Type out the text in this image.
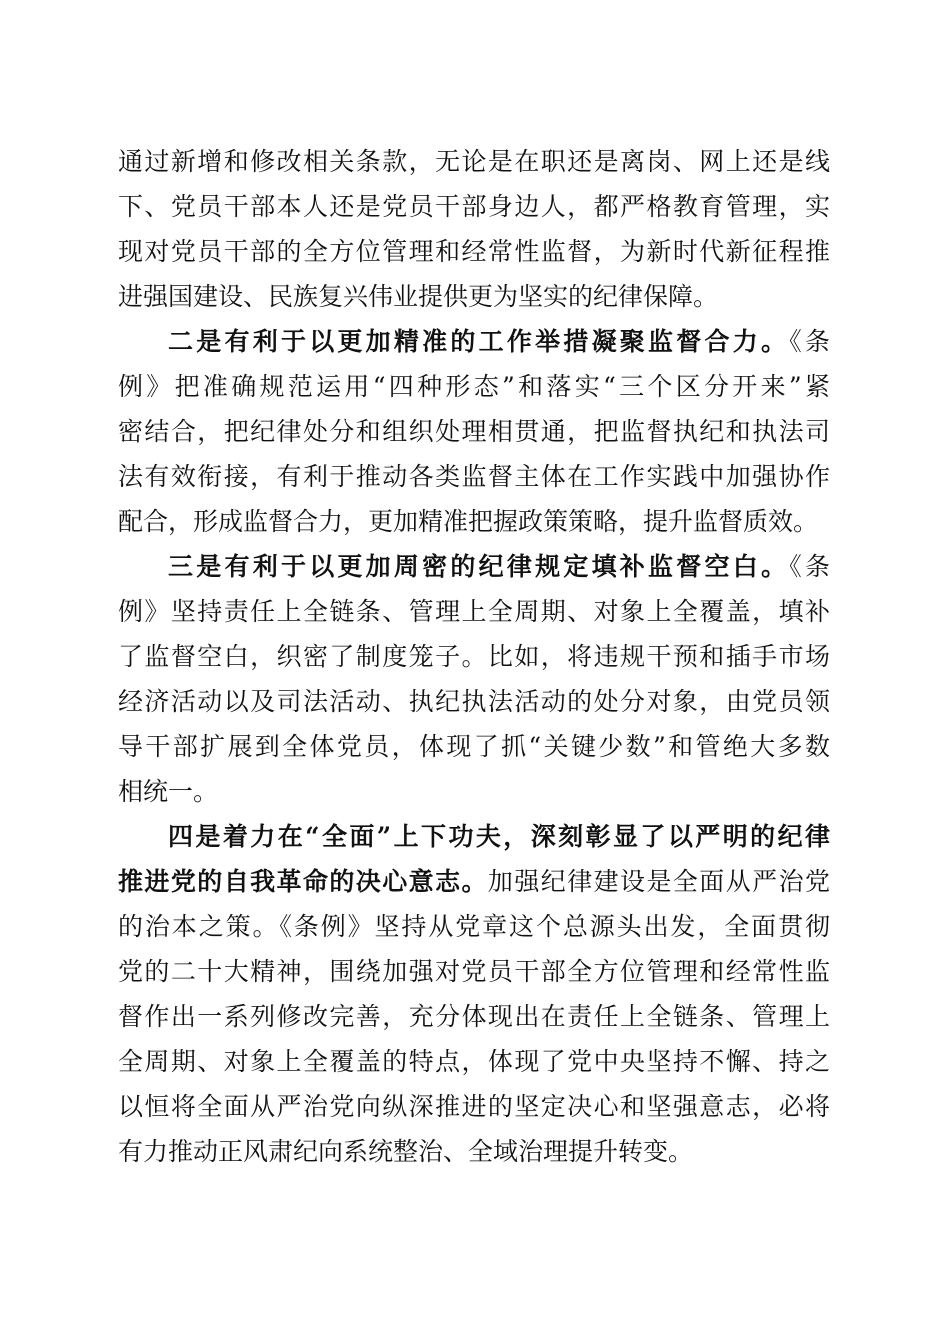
通过新增和修改相关条款，无论是在职还是离岗、网上还是线
下、党员干部本人还是党员干部身边人，都严格教育管理，实
现对党员干部的全方位管理和经常性监督，为新时代新征程推
进强国建设、民族复兴伟业提供更为坚实的纪律保障。
二是有利于以更加精准的工作举措凝聚监督合力。《条
例》把准确规范运用“四种形态”和落实“三个区分开来”紧
密结合，把纪律处分和组织处理相贯通，把监督执纪和执法司
法有效衔接，有利于推动各类监督主体在工作实践中加强协作
配合，形成监督合力，更加精准把握政策策略，提升监督质效。
三是有利于以更加周密的纪律规定填补监督空白。《条
例》坚持责任上全链条、管理上全周期、对象上全覆盖，填补
了监督空白，织密了制度笼子。比如，将违规干预和插手市场
经济活动以及司法活动、执纪执法活动的处分对象，由党员领
导干部扩展到全体党员，体现了抓“关键少数”和管绝大多数
相统一。
四是着力在“全面”上下功夫，深刻彰显了以严明的纪律
推进党的自我革命的决心意志。加强纪律建设是全面从严治党
的治本之策。《条例》坚持从党章这个总源头出发，全面贯彻
党的二十大精神，围绕加强对党员干部全方位管理和经常性监
督作出一系列修改完善，充分体现出在责任上全链条、管理上
全周期、对象上全覆盖的特点，体现了党中央坚持不懈、持之
以恒将全面从严治党向纵深推进的坚定决心和坚强意志，必将
有力推动正风肃纪向系统整治、全域治理提升转变。
